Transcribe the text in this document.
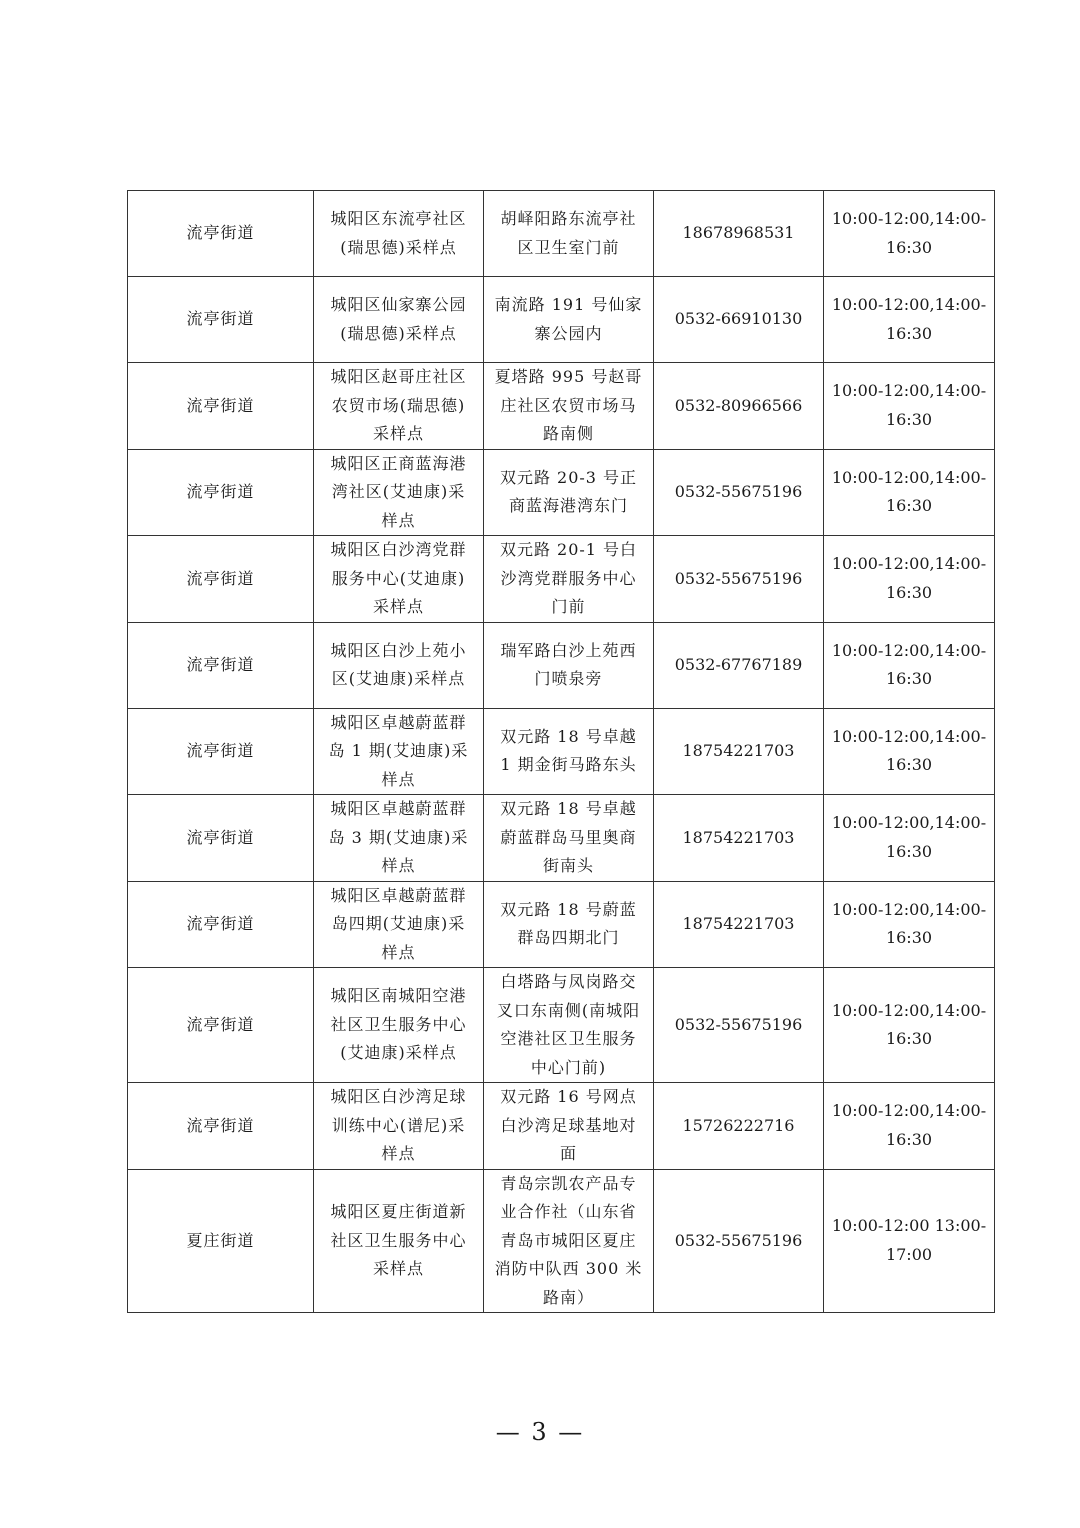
流亭街道	城阳区东流亭社区(瑞思德)采样点	胡峄阳路东流亭社区卫生室门前	18678968531	10:00-12:00,14:00-16:30
流亭街道	城阳区仙家寨公园(瑞思德)采样点	南流路 191 号仙家寨公园内	0532-66910130	10:00-12:00,14:00-16:30
流亭街道	城阳区赵哥庄社区农贸市场(瑞思德)采样点	夏塔路 995 号赵哥庄社区农贸市场马路南侧	0532-80966566	10:00-12:00,14:00-16:30
流亭街道	城阳区正商蓝海港湾社区(艾迪康)采样点	双元路 20-3 号正商蓝海港湾东门	0532-55675196	10:00-12:00,14:00-16:30
流亭街道	城阳区白沙湾党群服务中心(艾迪康)采样点	双元路 20-1 号白沙湾党群服务中心门前	0532-55675196	10:00-12:00,14:00-16:30
流亭街道	城阳区白沙上苑小区(艾迪康)采样点	瑞军路白沙上苑西门喷泉旁	0532-67767189	10:00-12:00,14:00-16:30
流亭街道	城阳区卓越蔚蓝群岛 1 期(艾迪康)采样点	双元路 18 号卓越 1 期金街马路东头	18754221703	10:00-12:00,14:00-16:30
流亭街道	城阳区卓越蔚蓝群岛 3 期(艾迪康)采样点	双元路 18 号卓越蔚蓝群岛马里奥商街南头	18754221703	10:00-12:00,14:00-16:30
流亭街道	城阳区卓越蔚蓝群岛四期(艾迪康)采样点	双元路 18 号蔚蓝群岛四期北门	18754221703	10:00-12:00,14:00-16:30
流亭街道	城阳区南城阳空港社区卫生服务中心(艾迪康)采样点	白塔路与凤岗路交叉口东南侧(南城阳空港社区卫生服务中心门前)	0532-55675196	10:00-12:00,14:00-16:30
流亭街道	城阳区白沙湾足球训练中心(谱尼)采样点	双元路 16 号网点白沙湾足球基地对面	15726222716	10:00-12:00,14:00-16:30
夏庄街道	城阳区夏庄街道新社区卫生服务中心采样点	青岛宗凯农产品专业合作社（山东省青岛市城阳区夏庄消防中队西 300 米路南）	0532-55675196	10:00-12:00 13:00-17:00
— 3 —
